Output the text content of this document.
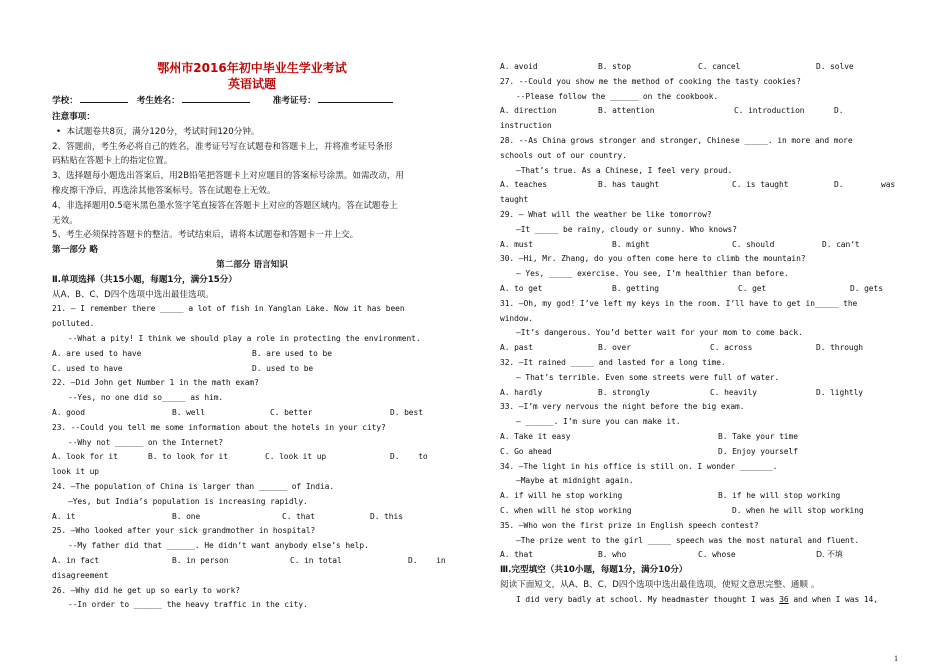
鄂州市2016年初中毕业生学业考试
英语试题
学校：	考生姓名：	准考证号：
注意事项：
•  本试题卷共8页，满分120分，考试时间120分钟。
2、答题前，考生务必将自己的姓名，准考证号写在试题卷和答题卡上，并将准考证号条形
码粘贴在答题卡上的指定位置。
3、选择题每小题选出答案后，用2B铅笔把答题卡上对应题目的答案标号涂黑。如需改动，用
橡皮擦干净后，再选涂其他答案标号。答在试题卷上无效。
4、非选择题用0.5毫米黑色墨水签字笔直接答在答题卡上对应的答题区域内。答在试题卷上
无效。
5、考生必须保持答题卡的整洁。考试结束后，请将本试题卷和答题卡一并上交。
第一部分 略
第二部分 语言知识
Ⅱ.单项选择（共15小题，每题1分，满分15分）
从A、B、C、D四个选项中选出最佳选项。
21. – I remember there _____ a lot of fish in Yanglan Lake. Now it has been
polluted.
--What a pity! I think we should play a role in protecting the environment.
A. are used to have	B. are used to be
C. used to have	D. used to be
22. –Did John get Number 1 in the math exam?
--Yes, no one did so_____ as him.
A. good	B. well	C. better	D. best
23. --Could you tell me some information about the hotels in your city?
--Why not ______ on the Internet?
A. look for it	B. to look for it	C. look it up	D.    to
look it up
24. —The population of China is larger than ______ of India.
—Yes, but India’s population is increasing rapidly.
A. it	B. one	C. that	D. this
25. –Who looked after your sick grandmother in hospital?
--My father did that ______. He didn’t want anybody else’s help.
A. in fact	B. in person	C. in total	D.    in
disagreement
26. –Why did he get up so early to work?
--In order to ______ the heavy traffic in the city.
A. avoid	B. stop	C. cancel	D. solve
27. --Could you show me the method of cooking the tasty cookies?
--Please follow the ______ on the cookbook.
A. direction	B. attention	C. introduction	D.
instruction
28. --As China grows stronger and stronger, Chinese _____. in more and more
schools out of our country.
—That’s true. As a Chinese, I feel very proud.
A. teaches	B. has taught	C. is taught	D.        was
taught
29. — What will the weather be like tomorrow?
—It _____ be rainy, cloudy or sunny. Who knows?
A. must	B. might	C. should	D. can’t
30. –Hi, Mr. Zhang, do you often come here to climb the mountain?
– Yes, _____ exercise. You see, I’m healthier than before.
A. to get	B. getting	C. get	D. gets
31. –Oh, my god! I’ve left my keys in the room. I’ll have to get in_____ the
window.
–It’s dangerous. You’d better wait for your mom to come back.
A. past	B. over	C. across	D. through
32. —It rained _____ and lasted for a long time.
— That’s terrible. Even some streets were full of water.
A. hardly	B. strongly	C. heavily	D. lightly
33. –I’m very nervous the night before the big exam.
– ______. I’m sure you can make it.
A. Take it easy	B. Take your time
C. Go ahead	D. Enjoy yourself
34. —The light in his office is still on. I wonder _______.
—Maybe at midnight again.
A. if will he stop working	B. if he will stop working
C. when will he stop working	D. when he will stop working
35. –Who won the first prize in English speech contest?
—The prize went to the girl _____ speech was the most natural and fluent.
A. that	B. who	C. whose	D. 不填
Ⅲ.完型填空（共10小题，每题1分，满分10分）
阅读下面短文，从A、B、C、D四个选项中选出最佳选项，使短文意思完整、通顺 。
I did very badly at school. My headmaster thought I was 36 and when I was 14,
1
